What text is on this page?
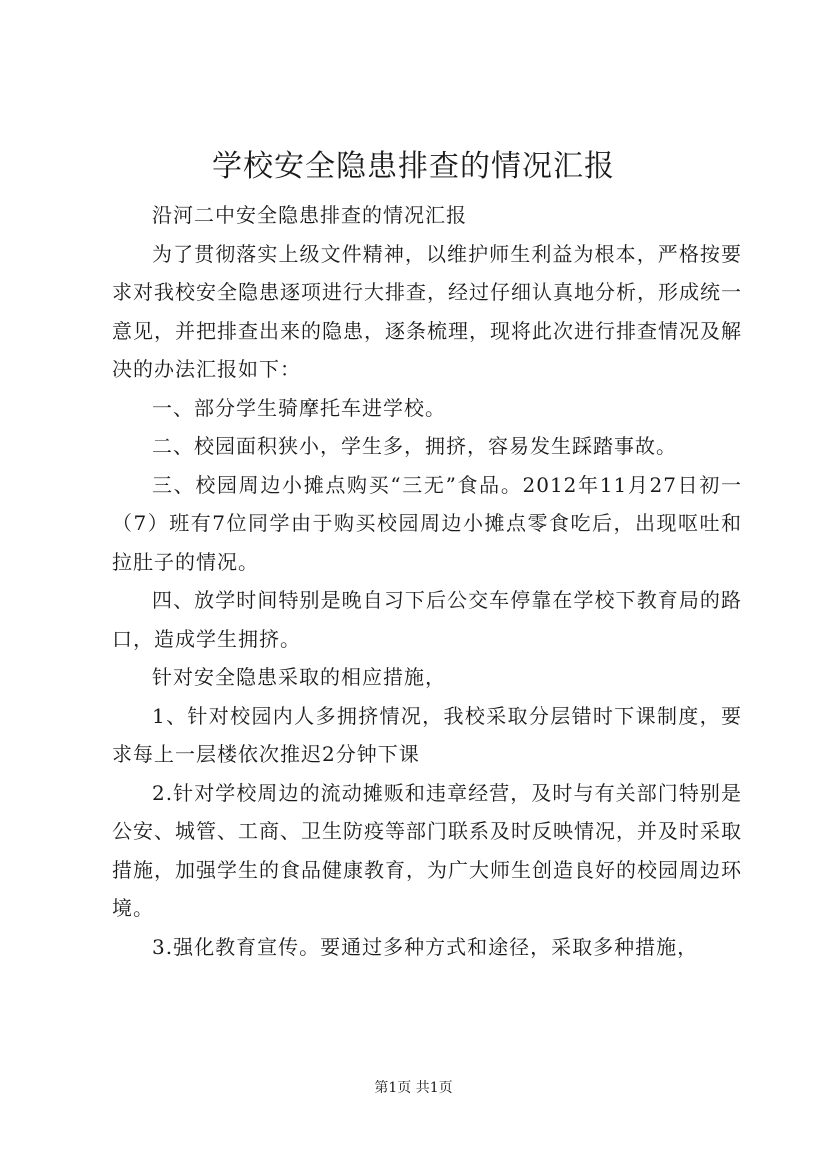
学校安全隐患排查的情况汇报

沿河二中安全隐患排查的情况汇报

为了贯彻落实上级文件精神，以维护师生利益为根本，严格按要求对我校安全隐患逐项进行大排查，经过仔细认真地分析，形成统一意见，并把排查出来的隐患，逐条梳理，现将此次进行排查情况及解决的办法汇报如下：

一、部分学生骑摩托车进学校。

二、校园面积狭小，学生多，拥挤，容易发生踩踏事故。

三、校园周边小摊点购买“三无”食品。2012年11月27日初一（7）班有7位同学由于购买校园周边小摊点零食吃后，出现呕吐和拉肚子的情况。

四、放学时间特别是晚自习下后公交车停靠在学校下教育局的路口，造成学生拥挤。

针对安全隐患采取的相应措施，

1、针对校园内人多拥挤情况，我校采取分层错时下课制度，要求每上一层楼依次推迟2分钟下课

2.针对学校周边的流动摊贩和违章经营，及时与有关部门特别是公安、城管、工商、卫生防疫等部门联系及时反映情况，并及时采取措施，加强学生的食品健康教育，为广大师生创造良好的校园周边环境。

3.强化教育宣传。要通过多种方式和途径，采取多种措施，

第1页 共1页
